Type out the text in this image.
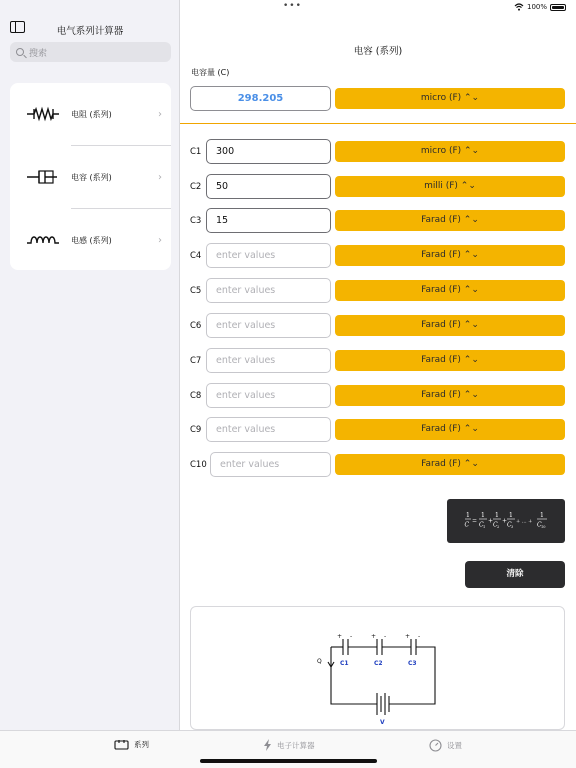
•••	100%
电气系列计算器
搜索
电阻 (系列)	›
电容 (系列)	›
电感 (系列)	›
电容 (系列)
电容量 (C)
298.205	micro (F) ⌃⌄
C1	300	micro (F) ⌃⌄
C2	50	milli (F) ⌃⌄
C3	15	Farad (F) ⌃⌄
C4	enter values	Farad (F) ⌃⌄
C5	enter values	Farad (F) ⌃⌄
C6	enter values	Farad (F) ⌃⌄
C7	enter values	Farad (F) ⌃⌄
C8	enter values	Farad (F) ⌃⌄
C9	enter values	Farad (F) ⌃⌄
C10	enter values	Farad (F) ⌃⌄
1
C
=
1
C 1
+
1
C 2
+
1
C 3
+ ... +
1
C 10
清除
+ -	+ -	+ -
Q	C1	C2	C3
V
系列	电子计算器	设置
